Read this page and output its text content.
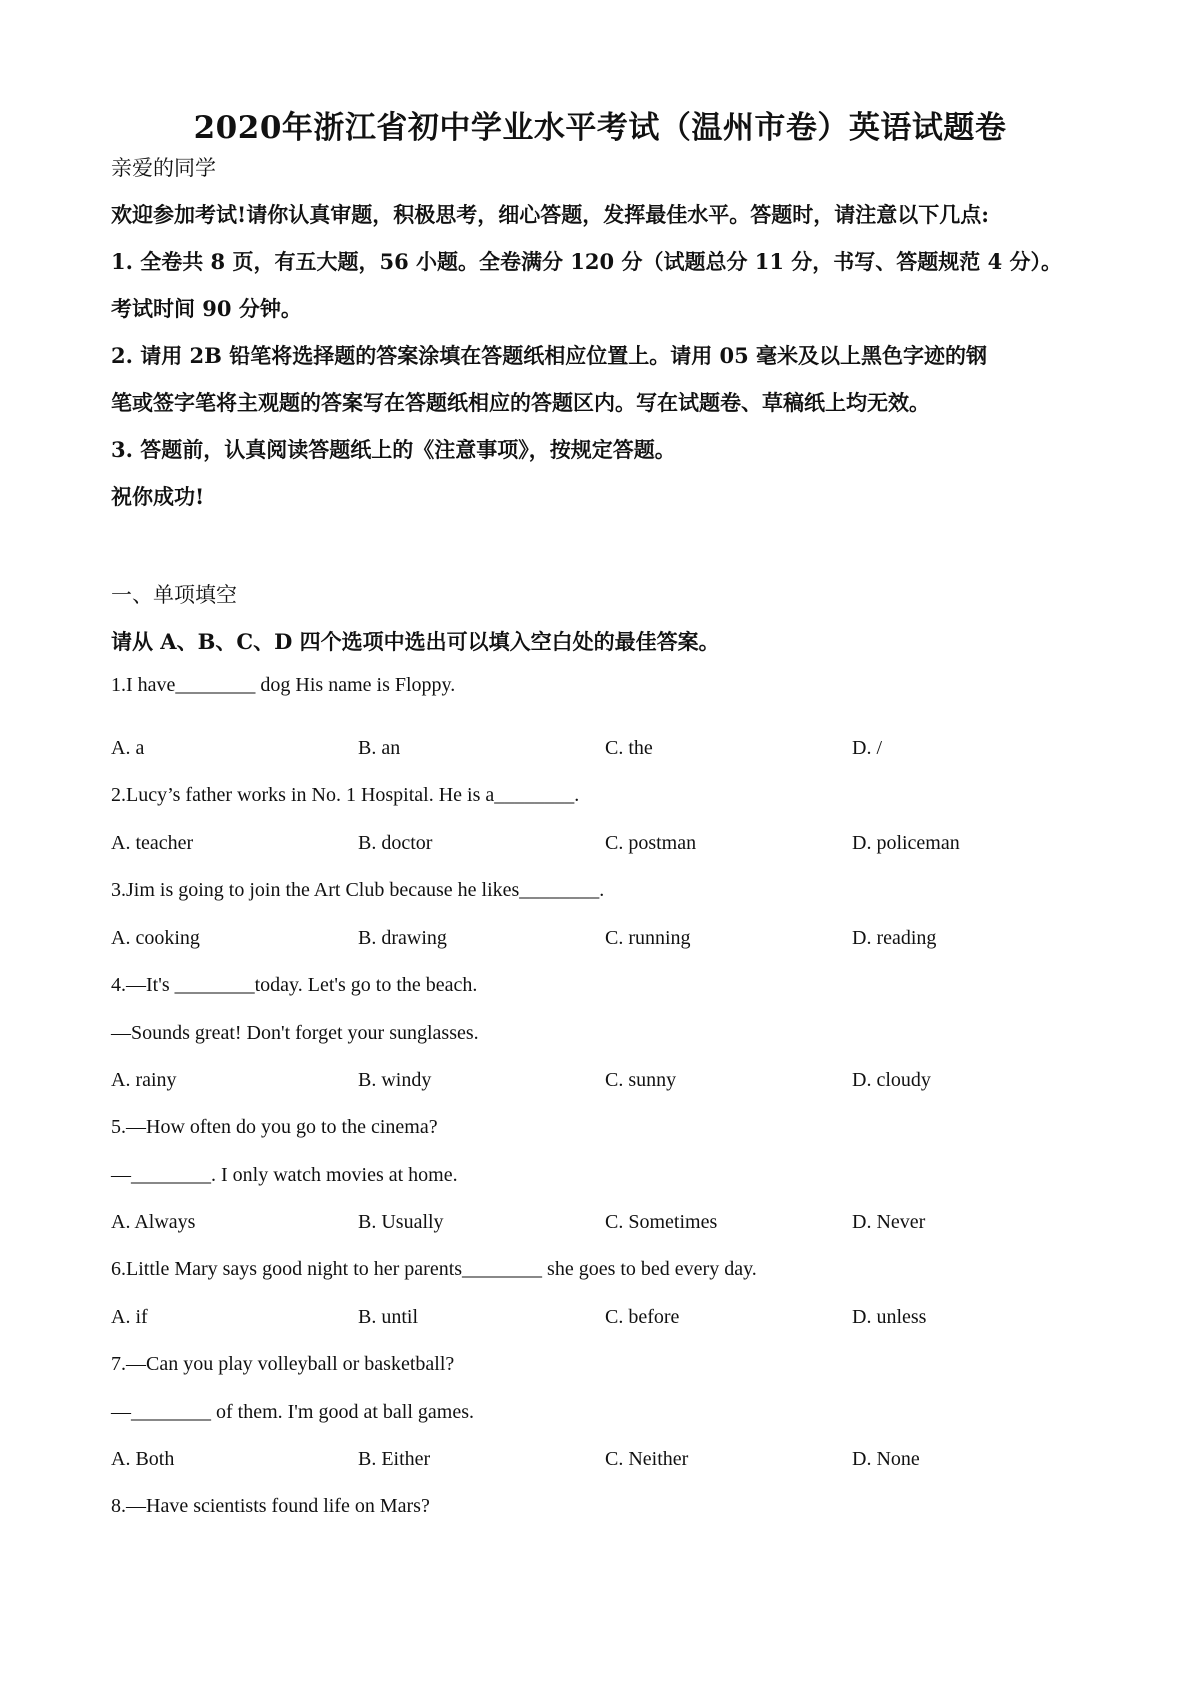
2020年浙江省初中学业水平考试（温州市卷）英语试题卷

亲爱的同学

欢迎参加考试!请你认真审题，积极思考，细心答题，发挥最佳水平。答题时，请注意以下几点:

1. 全卷共 8 页，有五大题，56 小题。全卷满分 120 分（试题总分 11 分，书写、答题规范 4 分）。

考试时间 90 分钟。

2. 请用 2B 铅笔将选择题的答案涂填在答题纸相应位置上。请用 05 毫米及以上黑色字迹的钢

笔或签字笔将主观题的答案写在答题纸相应的答题区内。写在试题卷、草稿纸上均无效。

3. 答题前，认真阅读答题纸上的《注意事项》，按规定答题。

祝你成功!

一、单项填空

请从 A、B、C、D 四个选项中选出可以填入空白处的最佳答案。

1.I have________ dog His name is Floppy.

A. a	B. an	C. the	D. /

2.Lucy’s father works in No. 1 Hospital. He is a________.

A. teacher	B. doctor	C. postman	D. policeman

3.Jim is going to join the Art Club because he likes________.

A. cooking	B. drawing	C. running	D. reading

4.—It's ________today. Let's go to the beach.

—Sounds great! Don't forget your sunglasses.

A. rainy	B. windy	C. sunny	D. cloudy

5.—How often do you go to the cinema?

—________. I only watch movies at home.

A. Always	B. Usually	C. Sometimes	D. Never

6.Little Mary says good night to her parents________ she goes to bed every day.

A. if	B. until	C. before	D. unless

7.—Can you play volleyball or basketball?

—________ of them. I'm good at ball games.

A. Both	B. Either	C. Neither	D. None

8.—Have scientists found life on Mars?
